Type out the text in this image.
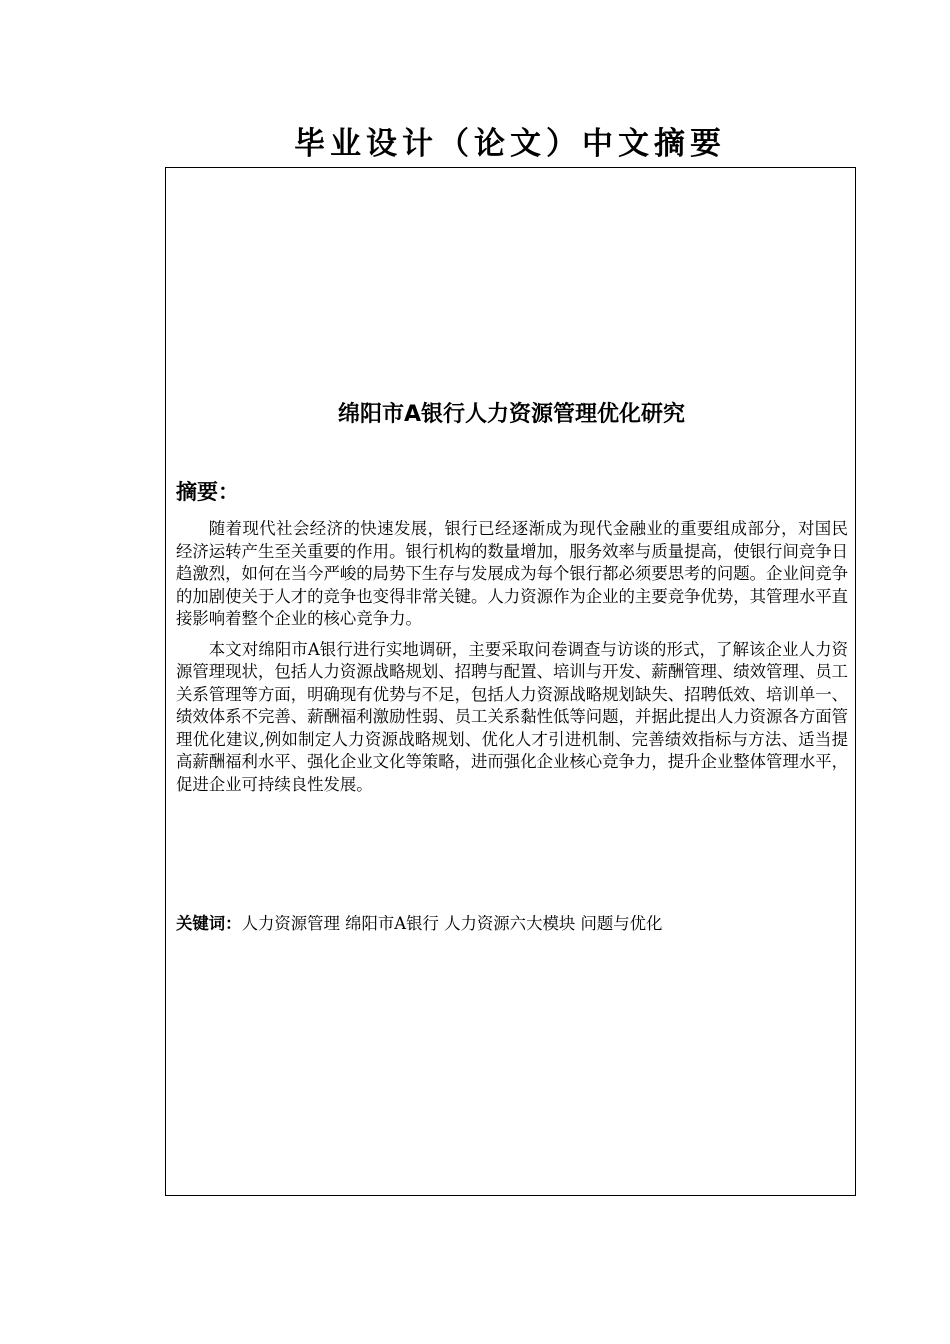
毕业设计（论文）中文摘要
绵阳市A银行人力资源管理优化研究
摘要：

随着现代社会经济的快速发展，银行已经逐渐成为现代金融业的重要组成部分，对国民经济运转产生至关重要的作用。银行机构的数量增加，服务效率与质量提高，使银行间竞争日趋激烈，如何在当今严峻的局势下生存与发展成为每个银行都必须要思考的问题。企业间竞争的加剧使关于人才的竞争也变得非常关键。人力资源作为企业的主要竞争优势，其管理水平直接影响着整个企业的核心竞争力。

本文对绵阳市A银行进行实地调研，主要采取问卷调查与访谈的形式，了解该企业人力资源管理现状，包括人力资源战略规划、招聘与配置、培训与开发、薪酬管理、绩效管理、员工关系管理等方面，明确现有优势与不足，包括人力资源战略规划缺失、招聘低效、培训单一、绩效体系不完善、薪酬福利激励性弱、员工关系黏性低等问题，并据此提出人力资源各方面管理优化建议,例如制定人力资源战略规划、优化人才引进机制、完善绩效指标与方法、适当提高薪酬福利水平、强化企业文化等策略，进而强化企业核心竞争力，提升企业整体管理水平，促进企业可持续良性发展。

关键词：人力资源管理 绵阳市A银行 人力资源六大模块 问题与优化
